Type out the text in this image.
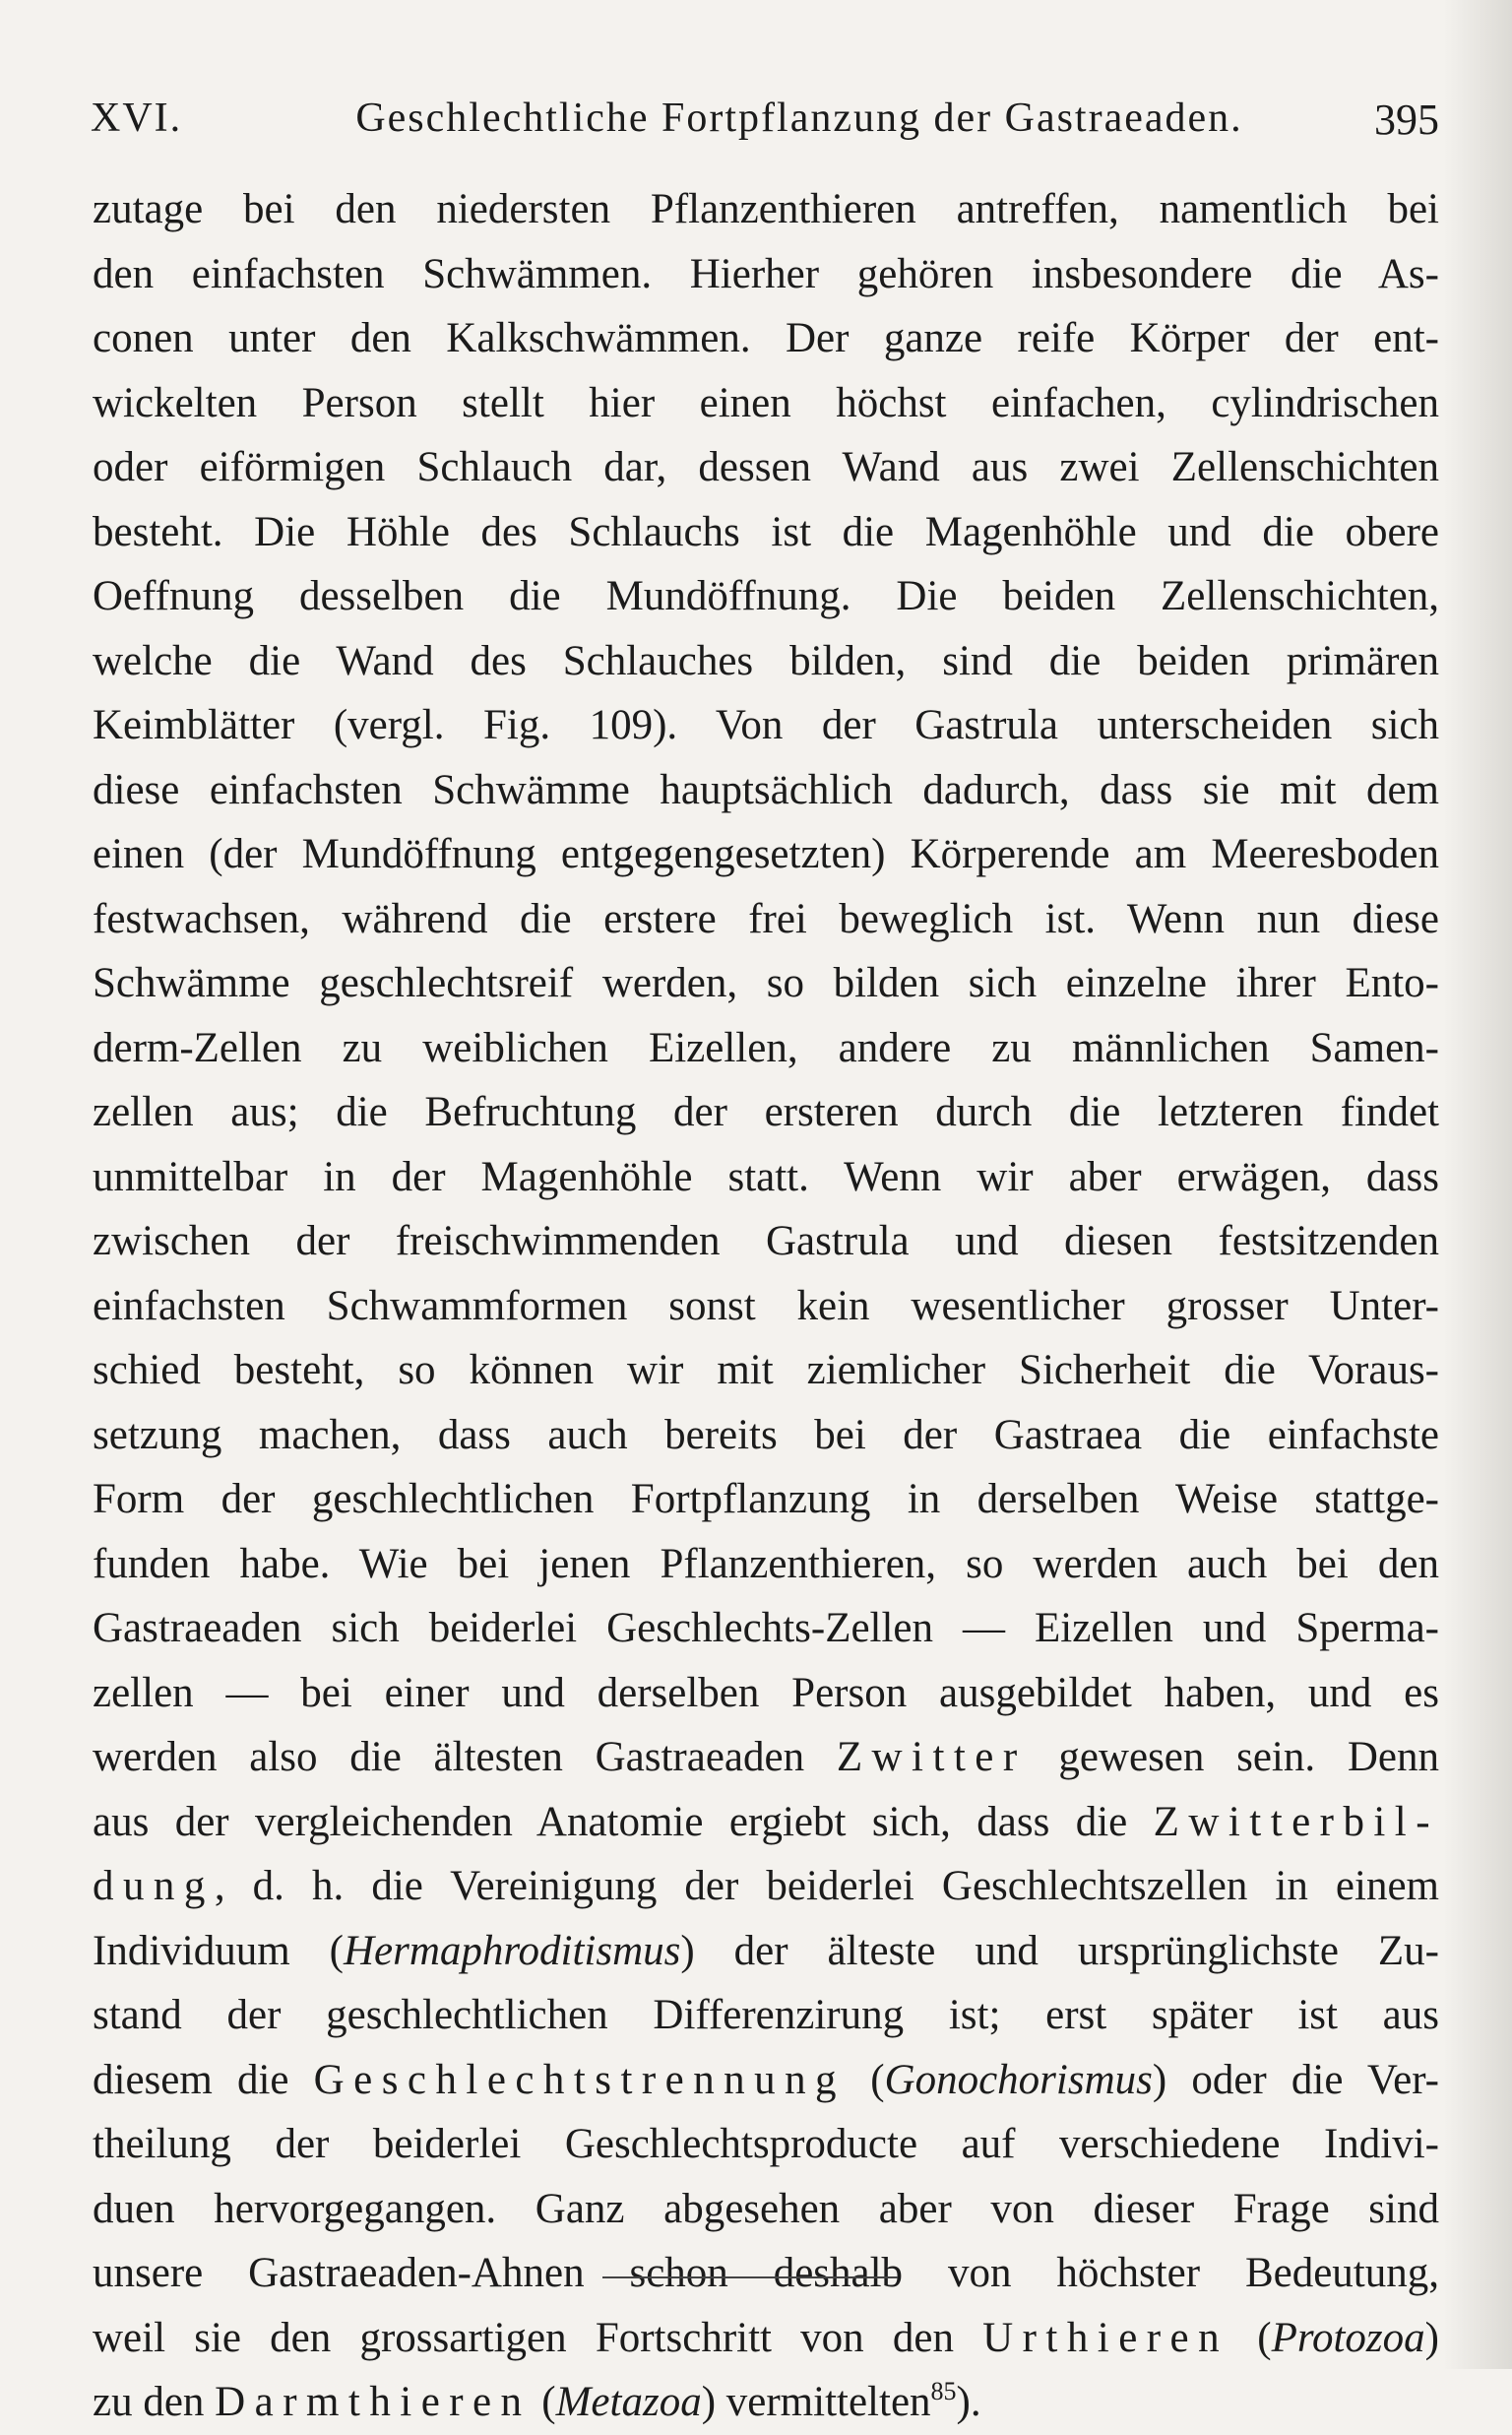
XVI.	Geschlechtliche Fortpflanzung der Gastraeaden.	395
zutage bei den niedersten Pflanzenthieren antreffen, namentlich bei
den einfachsten Schwämmen. Hierher gehören insbesondere die As-
conen unter den Kalkschwämmen. Der ganze reife Körper der ent-
wickelten Person stellt hier einen höchst einfachen, cylindrischen
oder eiförmigen Schlauch dar, dessen Wand aus zwei Zellenschichten
besteht. Die Höhle des Schlauchs ist die Magenhöhle und die obere
Oeffnung desselben die Mundöffnung. Die beiden Zellenschichten,
welche die Wand des Schlauches bilden, sind die beiden primären
Keimblätter (vergl. Fig. 109). Von der Gastrula unterscheiden sich
diese einfachsten Schwämme hauptsächlich dadurch, dass sie mit dem
einen (der Mundöffnung entgegengesetzten) Körperende am Meeresboden
festwachsen, während die erstere frei beweglich ist. Wenn nun diese
Schwämme geschlechtsreif werden, so bilden sich einzelne ihrer Ento-
derm-Zellen zu weiblichen Eizellen, andere zu männlichen Samen-
zellen aus; die Befruchtung der ersteren durch die letzteren findet
unmittelbar in der Magenhöhle statt. Wenn wir aber erwägen, dass
zwischen der freischwimmenden Gastrula und diesen festsitzenden
einfachsten Schwammformen sonst kein wesentlicher grosser Unter-
schied besteht, so können wir mit ziemlicher Sicherheit die Voraus-
setzung machen, dass auch bereits bei der Gastraea die einfachste
Form der geschlechtlichen Fortpflanzung in derselben Weise stattge-
funden habe. Wie bei jenen Pflanzenthieren, so werden auch bei den
Gastraeaden sich beiderlei Geschlechts-Zellen — Eizellen und Sperma-
zellen — bei einer und derselben Person ausgebildet haben, und es
werden also die ältesten Gastraeaden Zwitter gewesen sein. Denn
aus der vergleichenden Anatomie ergiebt sich, dass die Zwitterbil-
dung, d. h. die Vereinigung der beiderlei Geschlechtszellen in einem
Individuum (Hermaphroditismus) der älteste und ursprünglichste Zu-
stand der geschlechtlichen Differenzirung ist; erst später ist aus
diesem die Geschlechtstrennung (Gonochorismus) oder die Ver-
theilung der beiderlei Geschlechtsproducte auf verschiedene Indivi-
duen hervorgegangen. Ganz abgesehen aber von dieser Frage sind
unsere Gastraeaden-Ahnen schon deshalb von höchster Bedeutung,
weil sie den grossartigen Fortschritt von den Urthieren (Protozoa)
zu den Darmthieren (Metazoa) vermittelten$^{85}$).
